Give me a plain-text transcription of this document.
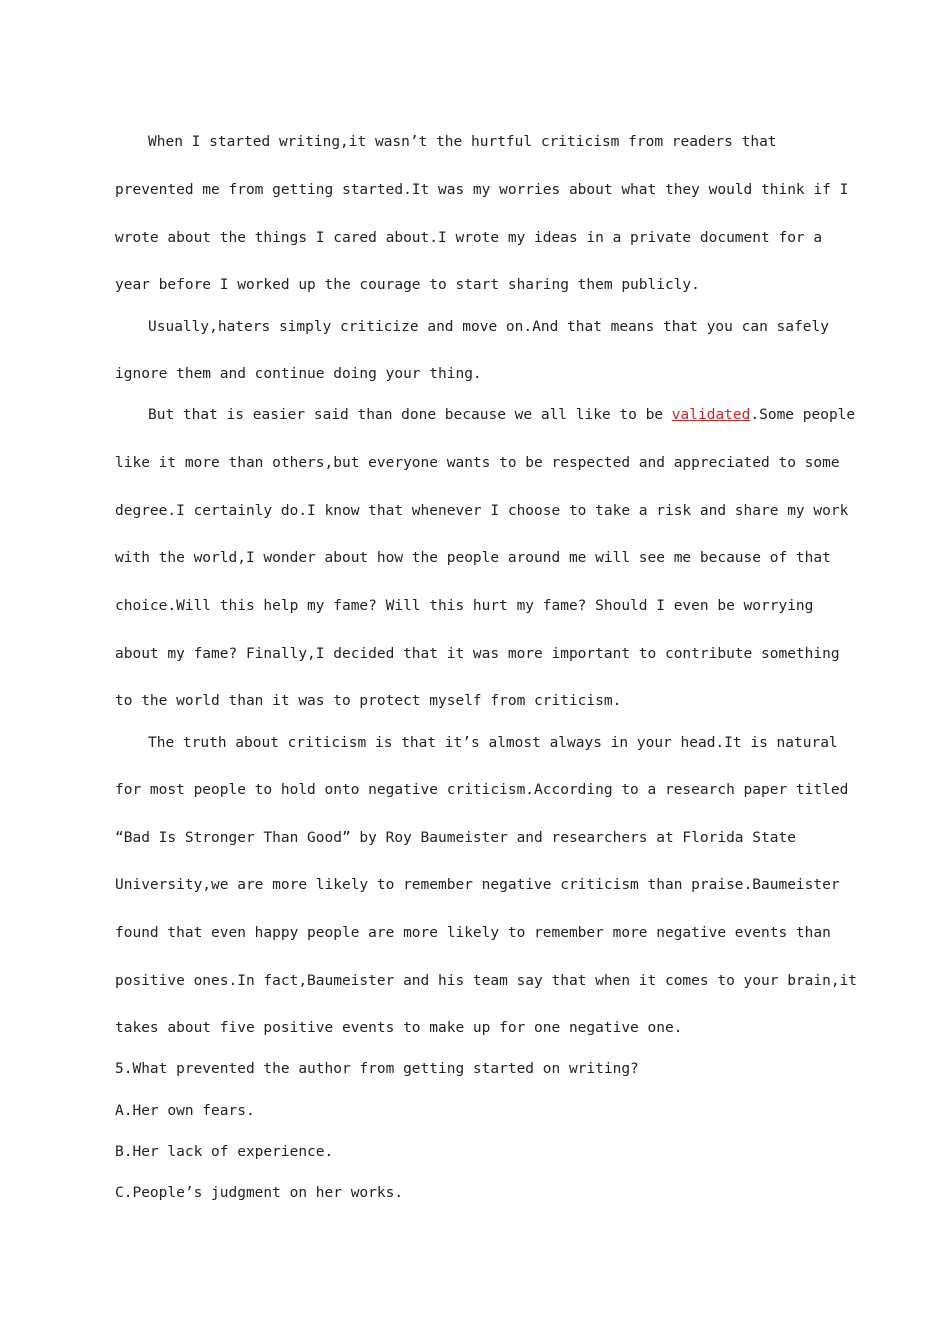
When I started writing,it wasn’t the hurtful criticism from readers that
prevented me from getting started.It was my worries about what they would think if I
wrote about the things I cared about.I wrote my ideas in a private document for a
year before I worked up the courage to start sharing them publicly.
Usually,haters simply criticize and move on.And that means that you can safely
ignore them and continue doing your thing.
But that is easier said than done because we all like to be validated.Some people
like it more than others,but everyone wants to be respected and appreciated to some
degree.I certainly do.I know that whenever I choose to take a risk and share my work
with the world,I wonder about how the people around me will see me because of that
choice.Will this help my fame? Will this hurt my fame? Should I even be worrying
about my fame? Finally,I decided that it was more important to contribute something
to the world than it was to protect myself from criticism.
The truth about criticism is that it’s almost always in your head.It is natural
for most people to hold onto negative criticism.According to a research paper titled
“Bad Is Stronger Than Good” by Roy Baumeister and researchers at Florida State
University,we are more likely to remember negative criticism than praise.Baumeister
found that even happy people are more likely to remember more negative events than
positive ones.In fact,Baumeister and his team say that when it comes to your brain,it
takes about five positive events to make up for one negative one.
5.What prevented the author from getting started on writing?
A.Her own fears.
B.Her lack of experience.
C.People’s judgment on her works.
